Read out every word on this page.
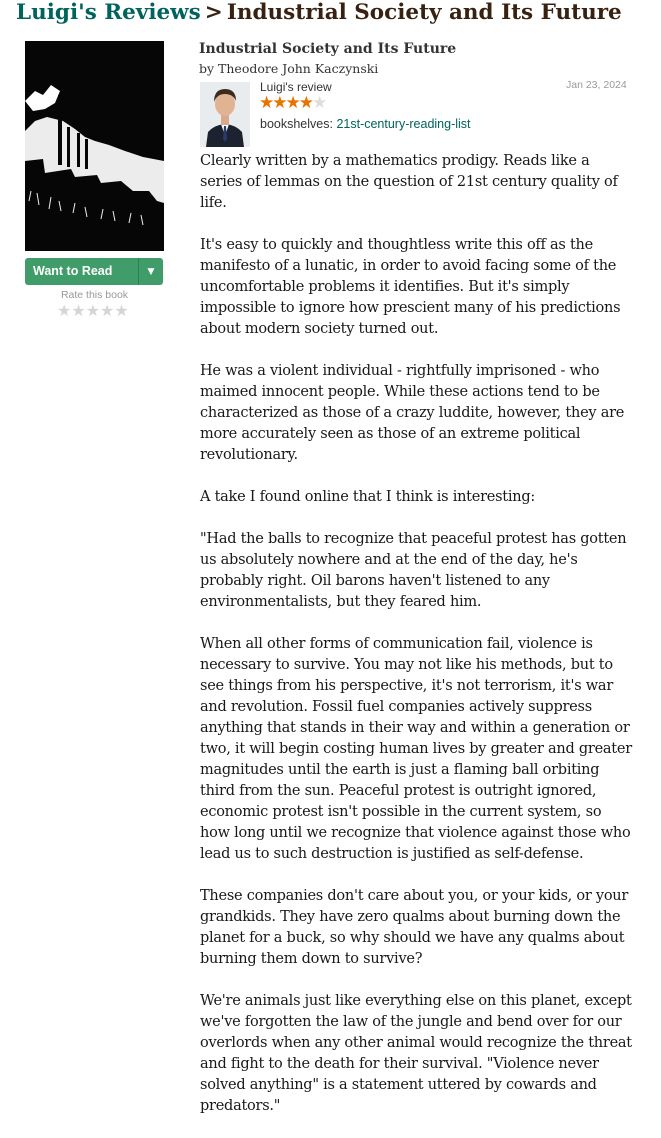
Luigi's Reviews > Industrial Society and Its Future
Want to Read	▼
Rate this book
★★★★★
Industrial Society and Its Future
by Theodore John Kaczynski
Jan 23, 2024
Luigi's review
★★★★★
bookshelves: 21st-century-reading-list

Clearly written by a mathematics prodigy. Reads like a series of lemmas on the question of 21st century quality of life.

It's easy to quickly and thoughtless write this off as the manifesto of a lunatic, in order to avoid facing some of the uncomfortable problems it identifies. But it's simply impossible to ignore how prescient many of his predictions about modern society turned out.

He was a violent individual - rightfully imprisoned - who maimed innocent people. While these actions tend to be characterized as those of a crazy luddite, however, they are more accurately seen as those of an extreme political revolutionary.

A take I found online that I think is interesting:

"Had the balls to recognize that peaceful protest has gotten us absolutely nowhere and at the end of the day, he's probably right. Oil barons haven't listened to any environmentalists, but they feared him.

When all other forms of communication fail, violence is necessary to survive. You may not like his methods, but to see things from his perspective, it's not terrorism, it's war and revolution. Fossil fuel companies actively suppress anything that stands in their way and within a generation or two, it will begin costing human lives by greater and greater magnitudes until the earth is just a flaming ball orbiting third from the sun. Peaceful protest is outright ignored, economic protest isn't possible in the current system, so how long until we recognize that violence against those who lead us to such destruction is justified as self-defense.

These companies don't care about you, or your kids, or your grandkids. They have zero qualms about burning down the planet for a buck, so why should we have any qualms about burning them down to survive?

We're animals just like everything else on this planet, except we've forgotten the law of the jungle and bend over for our overlords when any other animal would recognize the threat and fight to the death for their survival. "Violence never solved anything" is a statement uttered by cowards and predators."
